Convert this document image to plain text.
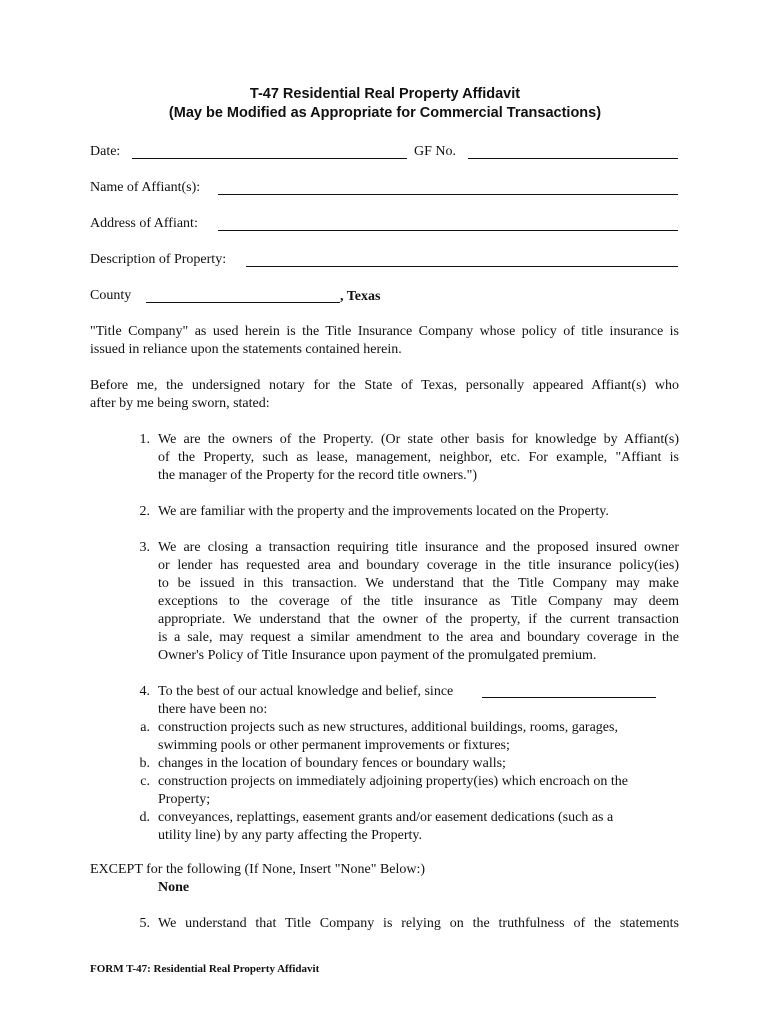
T-47 Residential Real Property Affidavit
(May be Modified as Appropriate for Commercial Transactions)
Date:	GF No.
Name of Affiant(s):
Address of Affiant:
Description of Property:
County	, Texas
"Title Company" as used herein is the Title Insurance Company whose policy of title insurance is
issued in reliance upon the statements contained herein.
Before me, the undersigned notary for the State of Texas, personally appeared Affiant(s) who
after by me being sworn, stated:
1. We are the owners of the Property. (Or state other basis for knowledge by Affiant(s)
of the Property, such as lease, management, neighbor, etc. For example, "Affiant is
the manager of the Property for the record title owners.")
2. We are familiar with the property and the improvements located on the Property.
3. We are closing a transaction requiring title insurance and the proposed insured owner
or lender has requested area and boundary coverage in the title insurance policy(ies)
to be issued in this transaction. We understand that the Title Company may make
exceptions to the coverage of the title insurance as Title Company may deem
appropriate. We understand that the owner of the property, if the current transaction
is a sale, may request a similar amendment to the area and boundary coverage in the
Owner's Policy of Title Insurance upon payment of the promulgated premium.
4. To the best of our actual knowledge and belief, since
there have been no:
a. construction projects such as new structures, additional buildings, rooms, garages,
swimming pools or other permanent improvements or fixtures;
b. changes in the location of boundary fences or boundary walls;
c. construction projects on immediately adjoining property(ies) which encroach on the
Property;
d. conveyances, replattings, easement grants and/or easement dedications (such as a
utility line) by any party affecting the Property.
EXCEPT for the following (If None, Insert "None" Below:)
None
5. We understand that Title Company is relying on the truthfulness of the statements
FORM T-47: Residential Real Property Affidavit
